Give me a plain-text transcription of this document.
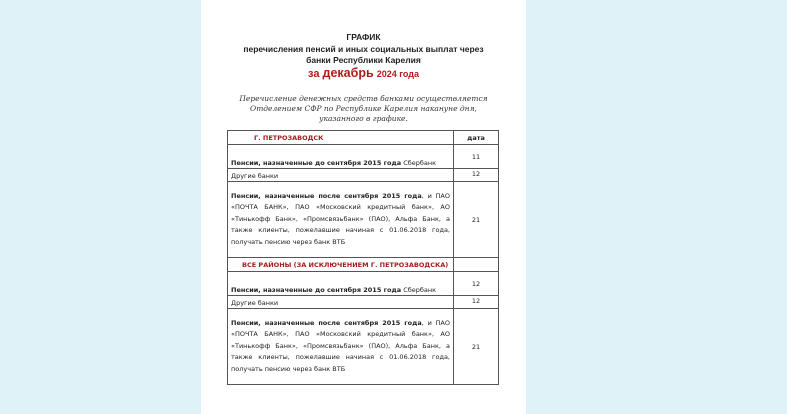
ГРАФИК
перечисления пенсий и иных социальных выплат через
банки Республики Карелия
за декабрь 2024 года
Перечисление денежных средств банками осуществляется
Отделением СФР по Республике Карелия накануне дня,
указанного в графике.
Г. ПЕТРОЗАВОДСК	дата
Пенсии, назначенные до сентября 2015 года Сбербанк	11
Другие банки	12
Пенсии, назначенные после сентября 2015 года, и ПАО «ПОЧТА БАНК», ПАО «Московский кредитный банк», АО «Тинькофф Банк», «Промсвязьбанк» (ПАО), Альфа Банк, а также клиенты, пожелавшие начиная с 01.06.2018 года, получать пенсию через банк ВТБ	21
ВСЕ РАЙОНЫ (ЗА ИСКЛЮЧЕНИЕМ Г. ПЕТРОЗАВОДСКА)	
Пенсии, назначенные до сентября 2015 года Сбербанк	12
Другие банки	12
Пенсии, назначенные после сентября 2015 года, и ПАО «ПОЧТА БАНК», ПАО «Московский кредитный банк», АО «Тинькофф Банк», «Промсвязьбанк» (ПАО), Альфа Банк, а также клиенты, пожелавшие начиная с 01.06.2018 года, получать пенсию через банк ВТБ	21
